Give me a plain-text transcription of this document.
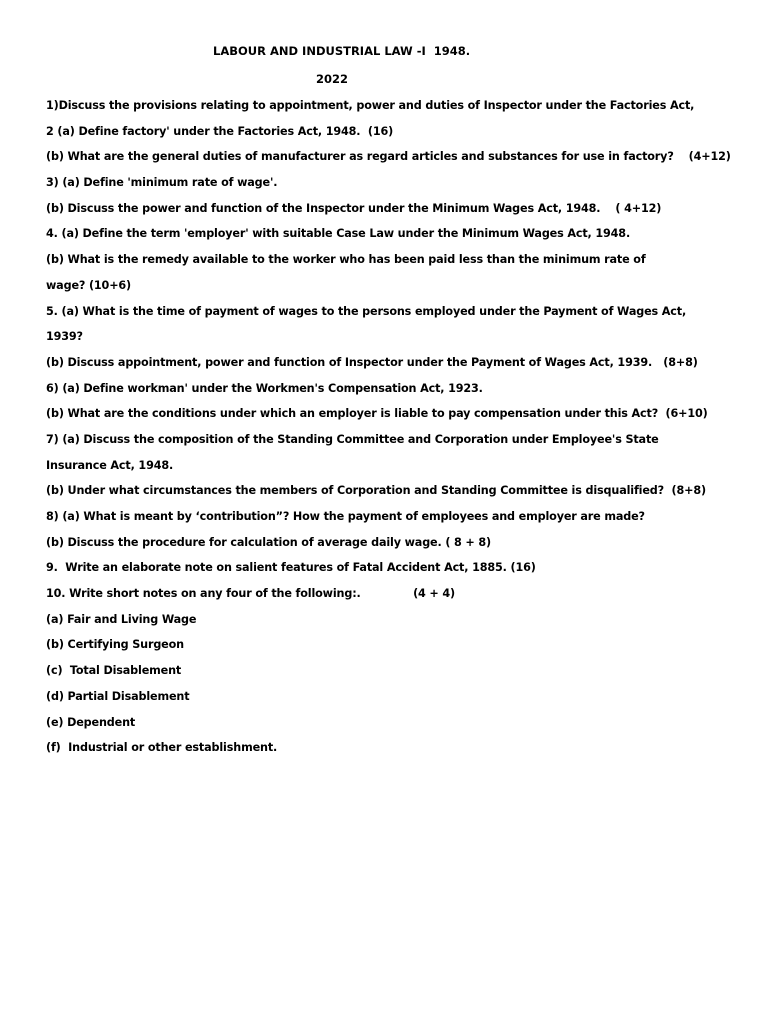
LABOUR AND INDUSTRIAL LAW -I  1948.
2022
1)Discuss the provisions relating to appointment, power and duties of Inspector under the Factories Act,
2 (a) Define factory' under the Factories Act, 1948.  (16)
(b) What are the general duties of manufacturer as regard articles and substances for use in factory?    (4+12)
3) (a) Define 'minimum rate of wage'.
(b) Discuss the power and function of the Inspector under the Minimum Wages Act, 1948.    ( 4+12)
4. (a) Define the term 'employer' with suitable Case Law under the Minimum Wages Act, 1948.
(b) What is the remedy available to the worker who has been paid less than the minimum rate of
wage? (10+6)
5. (a) What is the time of payment of wages to the persons employed under the Payment of Wages Act,
1939?
(b) Discuss appointment, power and function of Inspector under the Payment of Wages Act, 1939.   (8+8)
6) (a) Define workman' under the Workmen's Compensation Act, 1923.
(b) What are the conditions under which an employer is liable to pay compensation under this Act?  (6+10)
7) (a) Discuss the composition of the Standing Committee and Corporation under Employee's State
Insurance Act, 1948.
(b) Under what circumstances the members of Corporation and Standing Committee is disqualified?  (8+8)
8) (a) What is meant by ‘contribution”? How the payment of employees and employer are made?
(b) Discuss the procedure for calculation of average daily wage. ( 8 + 8)
9.  Write an elaborate note on salient features of Fatal Accident Act, 1885. (16)
10. Write short notes on any four of the following:.              (4 + 4)
(a) Fair and Living Wage
(b) Certifying Surgeon
(c)  Total Disablement
(d) Partial Disablement
(e) Dependent
(f)  Industrial or other establishment.
